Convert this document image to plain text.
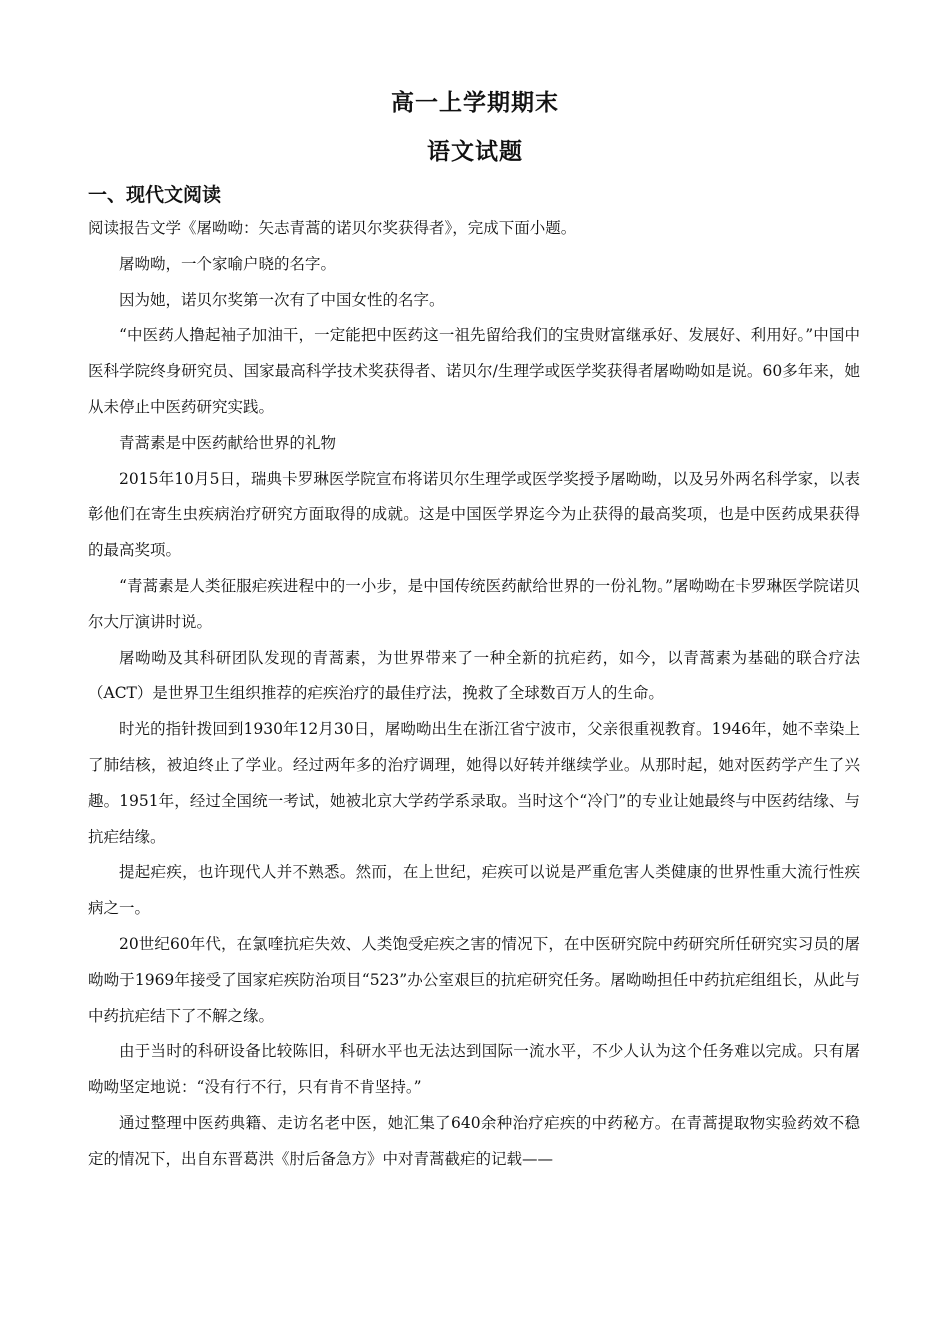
高一上学期期末
语文试题
一、现代文阅读

阅读报告文学《屠呦呦：矢志青蒿的诺贝尔奖获得者》，完成下面小题。

屠呦呦，一个家喻户晓的名字。

因为她，诺贝尔奖第一次有了中国女性的名字。

“中医药人撸起袖子加油干，一定能把中医药这一祖先留给我们的宝贵财富继承好、发展好、利用好。”中国中医科学院终身研究员、国家最高科学技术奖获得者、诺贝尔/生理学或医学奖获得者屠呦呦如是说。60多年来，她从未停止中医药研究实践。

青蒿素是中医药献给世界的礼物

2015年10月5日，瑞典卡罗琳医学院宣布将诺贝尔生理学或医学奖授予屠呦呦，以及另外两名科学家，以表彰他们在寄生虫疾病治疗研究方面取得的成就。这是中国医学界迄今为止获得的最高奖项，也是中医药成果获得的最高奖项。

“青蒿素是人类征服疟疾进程中的一小步，是中国传统医药献给世界的一份礼物。”屠呦呦在卡罗琳医学院诺贝尔大厅演讲时说。

屠呦呦及其科研团队发现的青蒿素，为世界带来了一种全新的抗疟药，如今，以青蒿素为基础的联合疗法（ACT）是世界卫生组织推荐的疟疾治疗的最佳疗法，挽救了全球数百万人的生命。

时光的指针拨回到1930年12月30日，屠呦呦出生在浙江省宁波市，父亲很重视教育。1946年，她不幸染上了肺结核，被迫终止了学业。经过两年多的治疗调理，她得以好转并继续学业。从那时起，她对医药学产生了兴趣。1951年，经过全国统一考试，她被北京大学药学系录取。当时这个“冷门”的专业让她最终与中医药结缘、与抗疟结缘。

提起疟疾，也许现代人并不熟悉。然而，在上世纪，疟疾可以说是严重危害人类健康的世界性重大流行性疾病之一。

20世纪60年代，在氯喹抗疟失效、人类饱受疟疾之害的情况下，在中医研究院中药研究所任研究实习员的屠呦呦于1969年接受了国家疟疾防治项目“523”办公室艰巨的抗疟研究任务。屠呦呦担任中药抗疟组组长，从此与中药抗疟结下了不解之缘。

由于当时的科研设备比较陈旧，科研水平也无法达到国际一流水平，不少人认为这个任务难以完成。只有屠呦呦坚定地说：“没有行不行，只有肯不肯坚持。”

通过整理中医药典籍、走访名老中医，她汇集了640余种治疗疟疾的中药秘方。在青蒿提取物实验药效不稳定的情况下，出自东晋葛洪《肘后备急方》中对青蒿截疟的记载——
